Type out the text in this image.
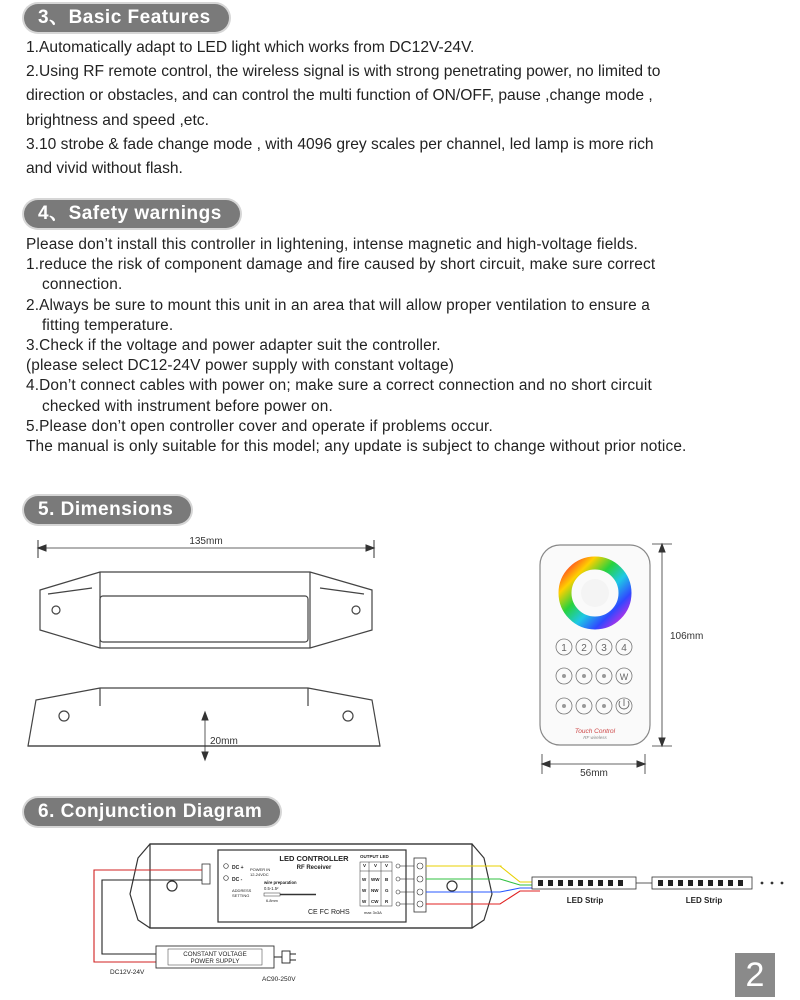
3、Basic Features

1.Automatically adapt to LED light which works from DC12V-24V.

2.Using RF remote control, the wireless signal is with strong penetrating power, no limited to

direction or obstacles, and can control the multi function of ON/OFF, pause ,change mode ,

brightness and speed ,etc.

3.10 strobe & fade change mode , with 4096 grey scales per channel, led lamp is more rich

and vivid without flash.

4、Safety warnings

Please don’t install this controller in lightening, intense magnetic and high-voltage fields.

1.reduce the risk of component damage and fire caused by short circuit, make sure correct

connection.

2.Always be sure to mount this unit in an area that will allow proper ventilation to ensure a

fitting temperature.

3.Check if the voltage and power adapter suit the controller.

(please select DC12-24V power supply with constant voltage)

4.Don’t connect cables with power on; make sure a correct connection and no short circuit

checked with instrument before power on.

5.Please don’t open controller cover and operate if problems occur.

The manual is only suitable for this model; any update is subject to change without prior notice.

5. Dimensions
135mm
20mm
1 2 3 4
W
Touch Control
RF wireless
106mm
56mm
6. Conjunction Diagram
DC +
DC -
POWER IN
12-24VDC
ADDRESS
SETTING
wire preparation
0.5-1.5²
6-8mm
LED CONTROLLER
RF Receiver
CE FC RoHS
OUTPUT LED
V V V
W WW B
W NW G
W CW R
max 3x3A
LED Strip	LED Strip
CONSTANT VOLTAGE
POWER SUPPLY
DC12V-24V
AC90-250V	2
